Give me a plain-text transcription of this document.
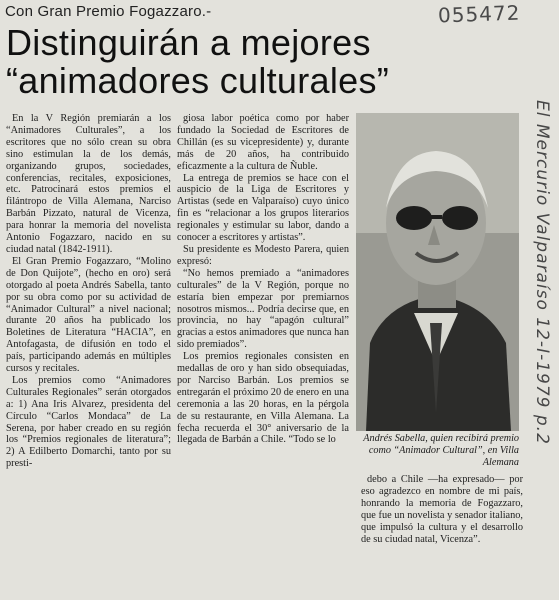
Con Gran Premio Fogazzaro.-	055472
Distinguirán a mejores
“animadores culturales”

En la V Región premiarán a los “Animadores Culturales”, a los escritores que no sólo crean su obra sino estimulan la de los demás, organizando grupos, sociedades, conferencias, recitales, exposiciones, etc. Patrocinará estos premios el filántropo de Villa Alemana, Narciso Barbán Pizzato, natural de Vicenza, para honrar la memoria del novelista Antonio Fogazzaro, nacido en su ciudad natal (1842-1911).

El Gran Premio Fogazzaro, “Molino de Don Quijote”, (hecho en oro) será otorgado al poeta Andrés Sabella, tanto por su obra como por su actividad de “Animador Cultural” a nivel nacional; durante 20 años ha publicado los Boletines de Literatura “HACIA”, en Antofagasta, de difusión en todo el país, participando además en múltiples cursos y recitales.

Los premios como “Animadores Culturales Regionales” serán otorgados a: 1) Ana Iris Alvarez, presidenta del Círculo “Carlos Mondaca” de La Serena, por haber creado en su región los “Premios regionales de literatura”; 2) A Edilberto Domarchi, tanto por su presti-

giosa labor poética como por haber fundado la Sociedad de Escritores de Chillán (es su vicepresidente) y, durante más de 20 años, ha contribuido eficazmente a la cultura de Ñuble.

La entrega de premios se hace con el auspicio de la Liga de Escritores y Artistas (sede en Valparaíso) cuyo único fin es “relacionar a los grupos literarios regionales y estimular su labor, dando a conocer a escritores y artistas”.

Su presidente es Modesto Parera, quien expresó:

“No hemos premiado a “animadores culturales” de la V Región, porque no estaría bien empezar por premiarnos nosotros mismos... Podría decirse que, en provincia, no hay “apagón cultural” gracias a estos animadores que nunca han sido premiados”.

Los premios regionales consisten en medallas de oro y han sido obsequiadas, por Narciso Barbán. Los premios se entregarán el próximo 20 de enero en una ceremonia a las 20 horas, en la pérgola de su restaurante, en Villa Alemana. La fecha recuerda el 30° aniversario de la llegada de Barbán a Chile. “Todo se lo	Andrés Sabella, quien recibirá premio como “Animador Cultural”, en Villa Alemana

debo a Chile —ha expresado— por eso agradezco en nombre de mi país, honrando la memoria de Fogazzaro, que fue un novelista y senador italiano, que impulsó la cultura y el desarrollo de su ciudad natal, Vicenza”.

El Mercurio Valparaíso 12-I-1979 p.2
